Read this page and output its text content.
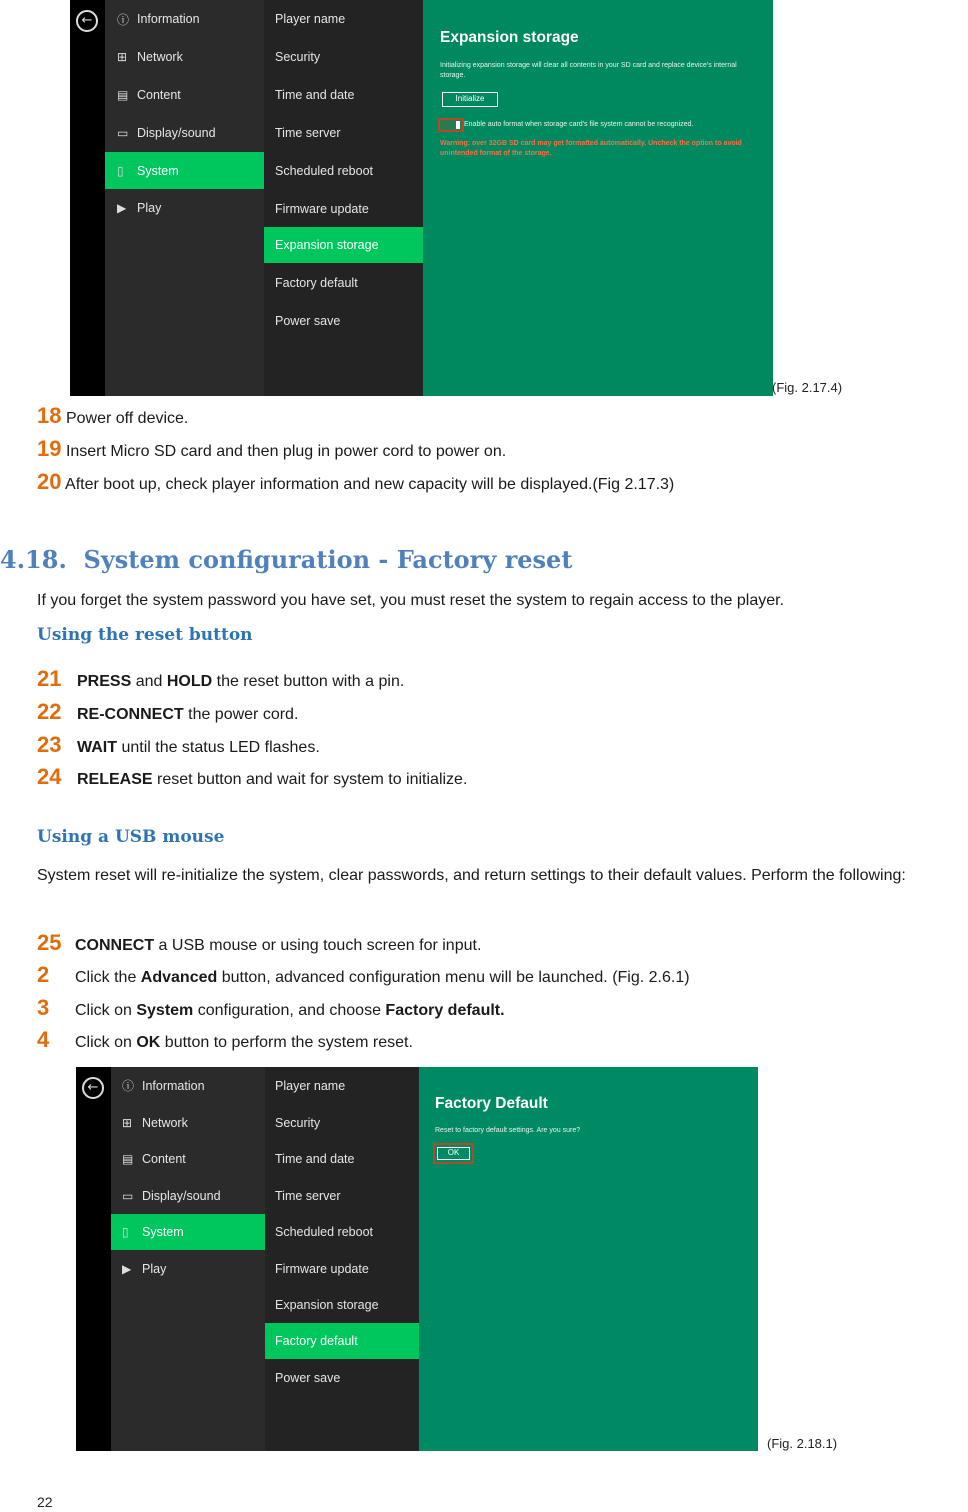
←	ⓘ Information
⊞ Network
▤ Content
▭ Display/sound
▯	System
▶ Play
Player name
Security
Time and date
Time server
Scheduled reboot
Firmware update
Expansion storage
Factory default
Power save
Expansion storage
Initializing expansion storage will clear all contents in your SD card and replace device's internal storage.
Initialize
Enable auto format when storage card's file system cannot be recognized.
Warning: over 32GB SD card may get formatted automatically. Uncheck the option to avoid unintended format of the storage.
(Fig. 2.17.4)
18 Power off device.
19 Insert Micro SD card and then plug in power cord to power on.
20 After boot up, check player information and new capacity will be displayed.(Fig 2.17.3)
4.18.  System configuration - Factory reset
If you forget the system password you have set, you must reset the system to regain access to the player.
Using the reset button
21 PRESS and HOLD the reset button with a pin.
22 RE-CONNECT the power cord.
23 WAIT until the status LED flashes.
24 RELEASE reset button and wait for system to initialize.
Using a USB mouse
System reset will re-initialize the system, clear passwords, and return settings to their default values. Perform the following:
25 CONNECT a USB mouse or using touch screen for input.
2 Click the Advanced button, advanced configuration menu will be launched. (Fig. 2.6.1)
3 Click on System configuration, and choose Factory default.
4 Click on OK button to perform the system reset.
←	ⓘ Information
⊞ Network
▤ Content
▭ Display/sound
▯	System
▶ Play
Player name
Security
Time and date
Time server
Scheduled reboot
Firmware update
Expansion storage
Factory default
Power save
Factory Default
Reset to factory default settings. Are you sure?
OK
(Fig. 2.18.1)
22
